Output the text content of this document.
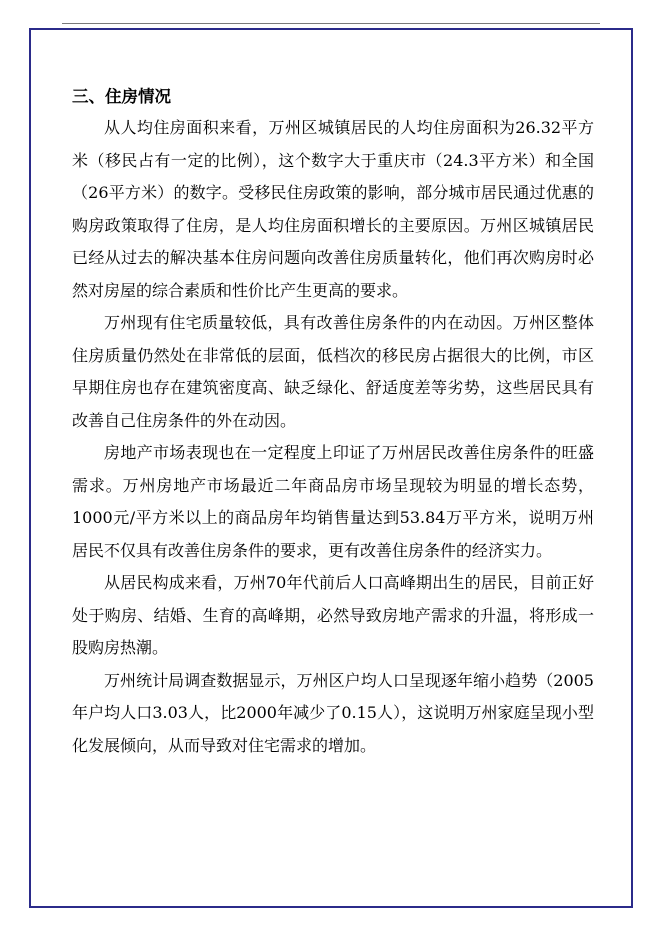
三、住房情况

从人均住房面积来看，万州区城镇居民的人均住房面积为26.32平方米（移民占有一定的比例），这个数字大于重庆市（24.3平方米）和全国（26平方米）的数字。受移民住房政策的影响，部分城市居民通过优惠的购房政策取得了住房，是人均住房面积增长的主要原因。万州区城镇居民已经从过去的解决基本住房问题向改善住房质量转化，他们再次购房时必然对房屋的综合素质和性价比产生更高的要求。

万州现有住宅质量较低，具有改善住房条件的内在动因。万州区整体住房质量仍然处在非常低的层面，低档次的移民房占据很大的比例，市区早期住房也存在建筑密度高、缺乏绿化、舒适度差等劣势，这些居民具有改善自己住房条件的外在动因。

房地产市场表现也在一定程度上印证了万州居民改善住房条件的旺盛需求。万州房地产市场最近二年商品房市场呈现较为明显的增长态势，1000元/平方米以上的商品房年均销售量达到53.84万平方米，说明万州居民不仅具有改善住房条件的要求，更有改善住房条件的经济实力。

从居民构成来看，万州70年代前后人口高峰期出生的居民，目前正好处于购房、结婚、生育的高峰期，必然导致房地产需求的升温，将形成一股购房热潮。

万州统计局调查数据显示，万州区户均人口呈现逐年缩小趋势（2005年户均人口3.03人，比2000年减少了0.15人），这说明万州家庭呈现小型化发展倾向，从而导致对住宅需求的增加。
